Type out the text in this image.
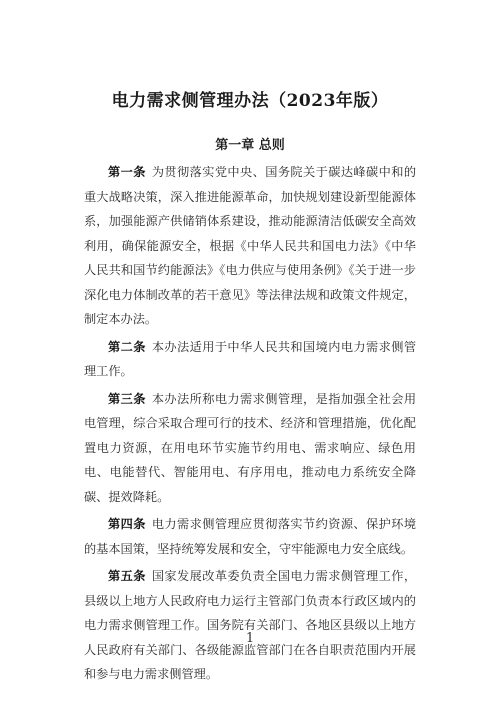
电力需求侧管理办法（2023年版）
第一章 总则

第一条 为贯彻落实党中央、国务院关于碳达峰碳中和的重大战略决策，深入推进能源革命，加快规划建设新型能源体系，加强能源产供储销体系建设，推动能源清洁低碳安全高效利用，确保能源安全，根据《中华人民共和国电力法》《中华人民共和国节约能源法》《电力供应与使用条例》《关于进一步深化电力体制改革的若干意见》等法律法规和政策文件规定，制定本办法。

第二条 本办法适用于中华人民共和国境内电力需求侧管理工作。

第三条 本办法所称电力需求侧管理，是指加强全社会用电管理，综合采取合理可行的技术、经济和管理措施，优化配置电力资源，在用电环节实施节约用电、需求响应、绿色用电、电能替代、智能用电、有序用电，推动电力系统安全降碳、提效降耗。

第四条 电力需求侧管理应贯彻落实节约资源、保护环境的基本国策，坚持统筹发展和安全，守牢能源电力安全底线。

第五条 国家发展改革委负责全国电力需求侧管理工作，县级以上地方人民政府电力运行主管部门负责本行政区域内的电力需求侧管理工作。国务院有关部门、各地区县级以上地方人民政府有关部门、各级能源监管部门在各自职责范围内开展和参与电力需求侧管理。

1
